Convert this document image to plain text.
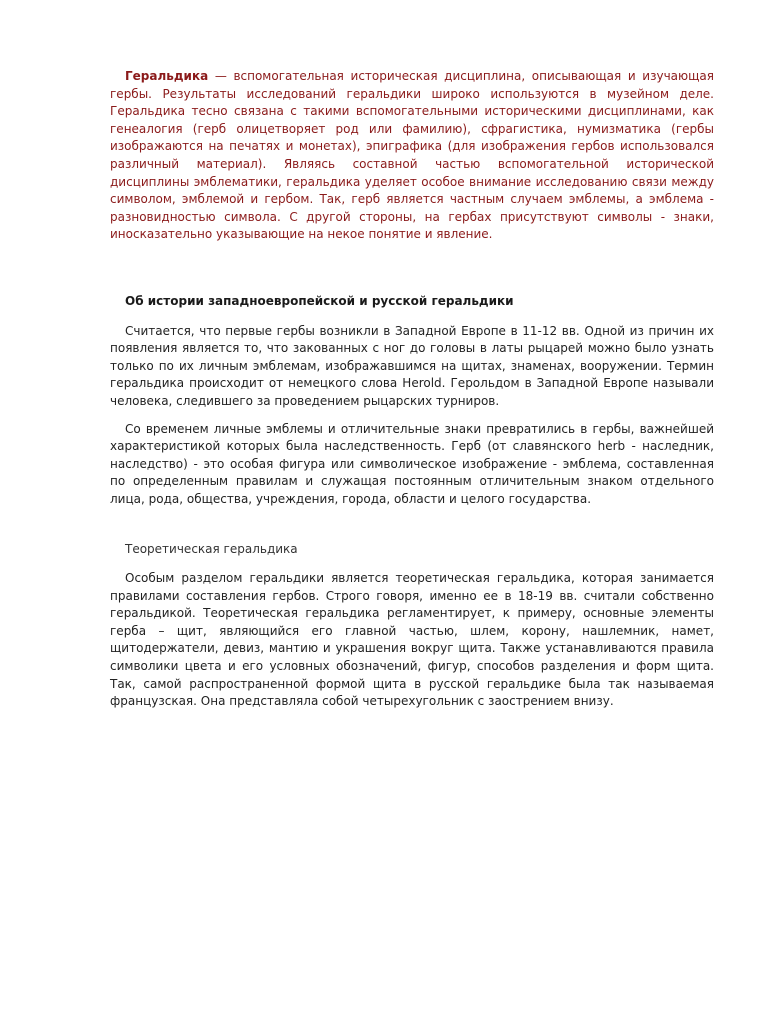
Геральдика — вспомогательная историческая дисциплина, описывающая и изучающая гербы. Результаты исследований геральдики широко используются в музейном деле. Геральдика тесно связана с такими вспомогательными историческими дисциплинами, как генеалогия (герб олицетворяет род или фамилию), сфрагистика, нумизматика (гербы изображаются на печатях и монетах), эпиграфика (для изображения гербов использовался различный материал). Являясь составной частью вспомогательной исторической дисциплины эмблематики, геральдика уделяет особое внимание исследованию связи между символом, эмблемой и гербом. Так, герб является частным случаем эмблемы, а эмблема - разновидностью символа. С другой стороны, на гербах присутствуют символы - знаки, иносказательно указывающие на некое понятие и явление.

Об истории западноевропейской и русской геральдики

Считается, что первые гербы возникли в Западной Европе в 11-12 вв. Одной из причин их появления является то, что закованных с ног до головы в латы рыцарей можно было узнать только по их личным эмблемам, изображавшимся на щитах, знаменах, вооружении. Термин геральдика происходит от немецкого слова Herold. Герольдом в Западной Европе называли человека, следившего за проведением рыцарских турниров.

Со временем личные эмблемы и отличительные знаки превратились в гербы, важнейшей характеристикой которых была наследственность. Герб (от славянского herb - наследник, наследство) - это особая фигура или символическое изображение - эмблема, составленная по определенным правилам и служащая постоянным отличительным знаком отдельного лица, рода, общества, учреждения, города, области и целого государства.

Теоретическая геральдика

Особым разделом геральдики является теоретическая геральдика, которая занимается правилами составления гербов. Строго говоря, именно ее в 18-19 вв. считали собственно геральдикой. Теоретическая геральдика регламентирует, к примеру, основные элементы герба – щит, являющийся его главной частью, шлем, корону, нашлемник, намет, щитодержатели, девиз, мантию и украшения вокруг щита. Также устанавливаются правила символики цвета и его условных обозначений, фигур, способов разделения и форм щита. Так, самой распространенной формой щита в русской геральдике была так называемая французская. Она представляла собой четырехугольник с заострением внизу.
